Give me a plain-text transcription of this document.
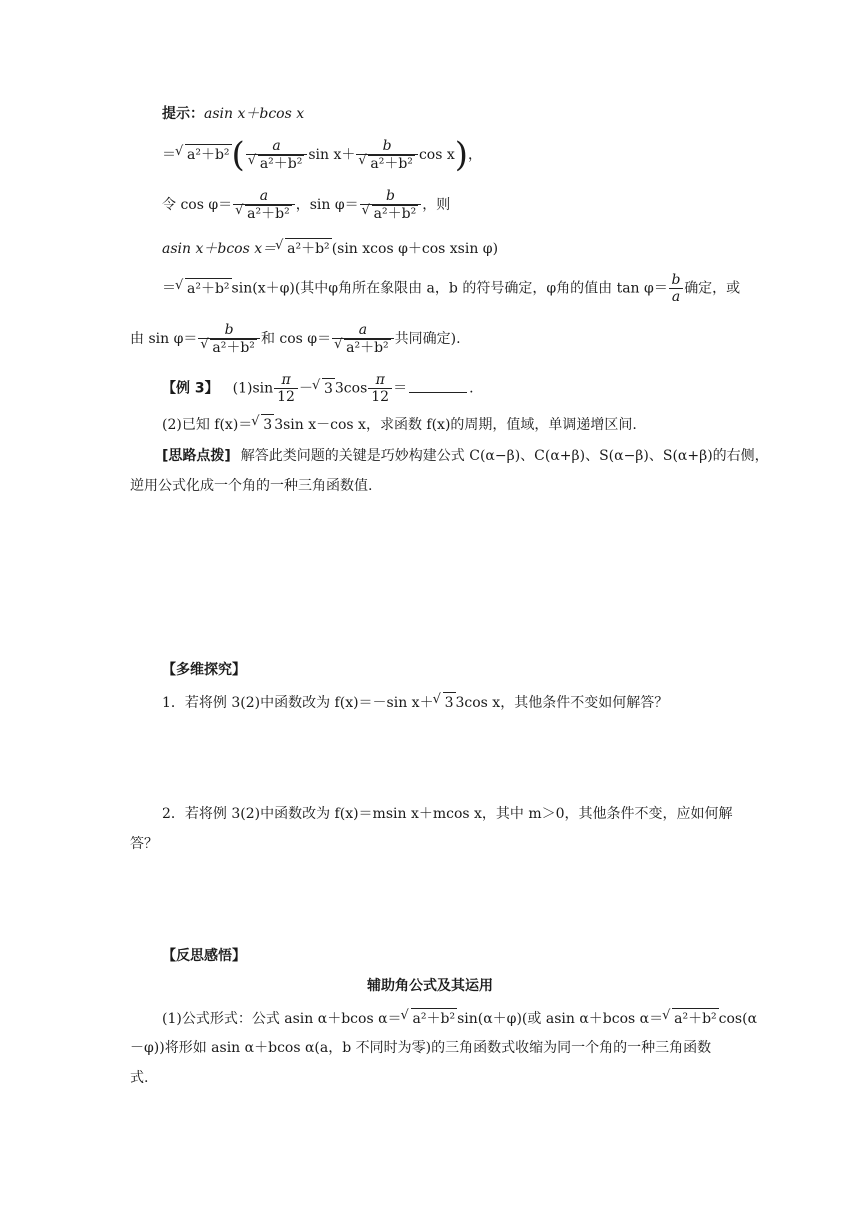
提示：asin x＋bcos x
＝ √ a²＋b²( a
√ a²＋b² sin x＋ b
√ a²＋b² cos x)，
令 cos φ＝ a
√ a²＋b² ，sin φ＝ b
√ a²＋b² ，则
asin x＋bcos x＝ √ a²＋b² (sin xcos φ＋cos xsin φ)
＝ √ a²＋b² sin(x＋φ)(其中φ角所在象限由 a，b 的符号确定，φ角的值由 $\tan \varphi= \frac{b}{a}$ 确定，或
由 sin φ＝ b
√ a²＋b² 和 cos φ＝ a
√ a²＋b² 共同确定).
【例 3】 $(1)\sin \frac{\pi}{12}$ － √ 3 $3\cos \frac{\pi}{12}$ ＝	.
(2)已知 f(x)＝ √ 3 3sin x－cos x，求函数 f(x)的周期，值域，单调递增区间.
[思路点拨] 解答此类问题的关键是巧妙构建公式 C(α−β)、C(α+β)、S(α−β)、S(α+β)的右侧，
逆用公式化成一个角的一种三角函数值.
【多维探究】
1．若将例 3(2)中函数改为 f(x)＝－sin x＋ √ 3 3cos x，其他条件不变如何解答？
2．若将例 3(2)中函数改为 f(x)＝msin x＋mcos x，其中 m＞0，其他条件不变，应如何解
答？
【反思感悟】
辅助角公式及其运用
(1)公式形式：公式 asin α＋bcos α＝ √ a²＋b² sin(α＋φ)(或 asin α＋bcos α＝ √ a²＋b² cos(α
－φ))将形如 asin α＋bcos α(a，b 不同时为零)的三角函数式收缩为同一个角的一种三角函数
式.
